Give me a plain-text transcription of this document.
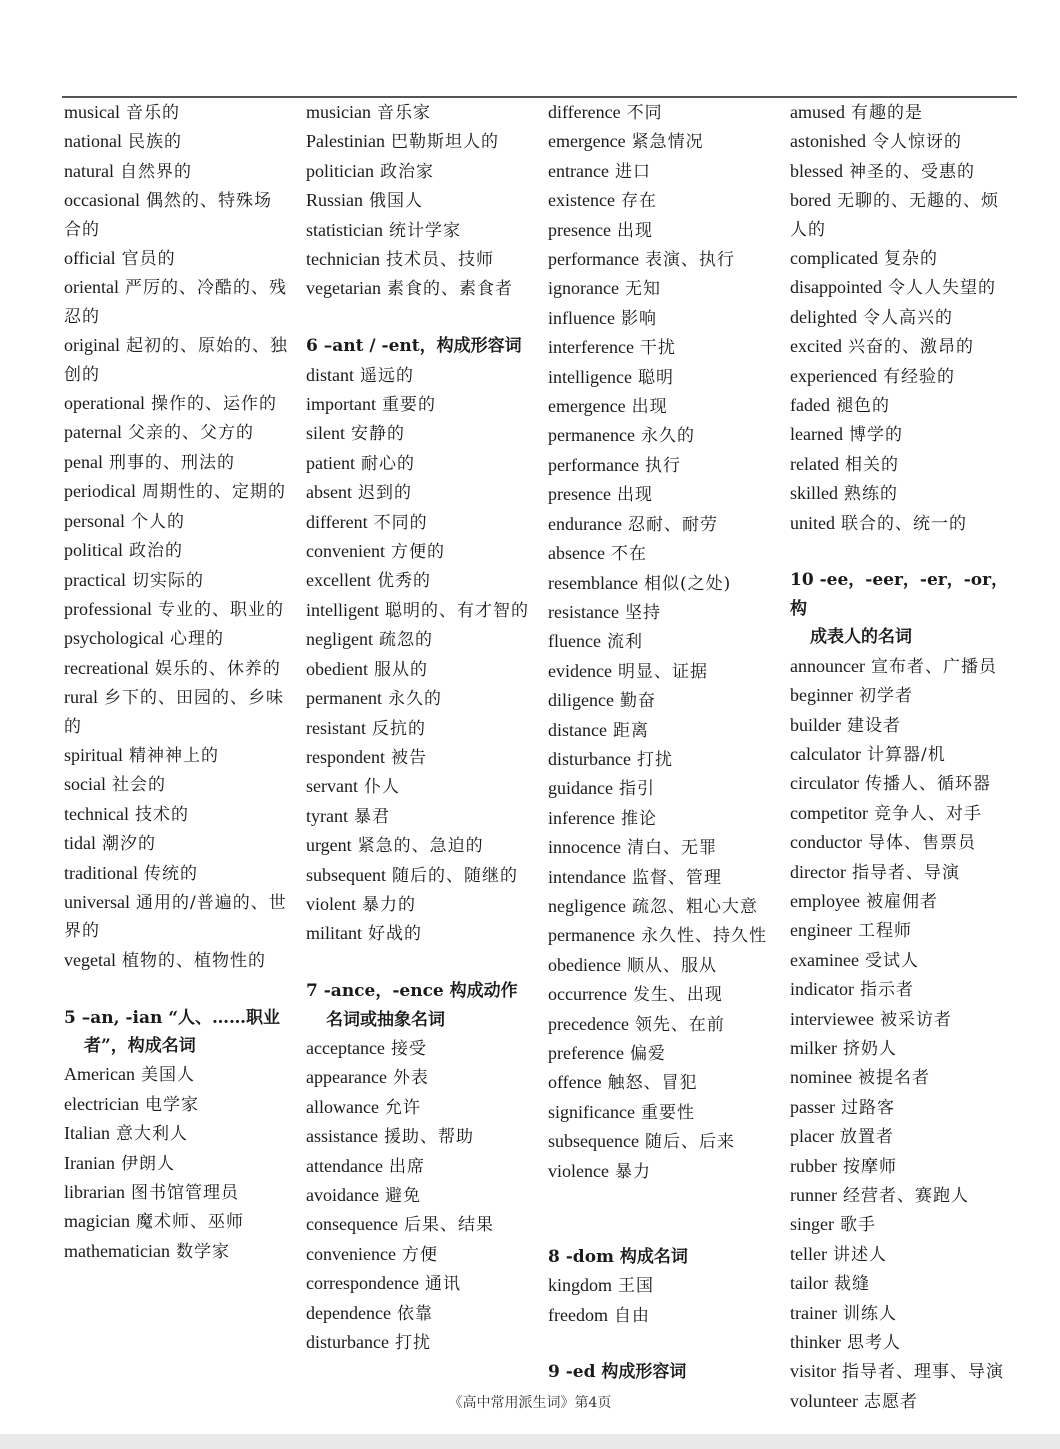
musical 音乐的
national 民族的
natural 自然界的
occasional 偶然的、特殊场合的
official 官员的
oriental 严厉的、冷酷的、残忍的
original 起初的、原始的、独创的
operational 操作的、运作的
paternal 父亲的、父方的
penal 刑事的、刑法的
periodical 周期性的、定期的
personal 个人的
political 政治的
practical 切实际的
professional 专业的、职业的
psychological 心理的
recreational 娱乐的、休养的
rural 乡下的、田园的、乡味的
spiritual 精神神上的
social 社会的
technical 技术的
tidal 潮汐的
traditional 传统的
universal 通用的/普遍的、世界的
vegetal 植物的、植物性的
5 –an, -ian “人、……职业
者”，构成名词
American 美国人
electrician 电学家
Italian 意大利人
Iranian 伊朗人
librarian 图书馆管理员
magician 魔术师、巫师
mathematician 数学家
musician 音乐家
Palestinian 巴勒斯坦人的
politician 政治家
Russian 俄国人
statistician 统计学家
technician 技术员、技师
vegetarian 素食的、素食者
6 –ant / -ent，构成形容词
distant 遥远的
important 重要的
silent 安静的
patient 耐心的
absent 迟到的
different 不同的
convenient 方便的
excellent 优秀的
intelligent 聪明的、有才智的
negligent 疏忽的
obedient 服从的
permanent 永久的
resistant 反抗的
respondent 被告
servant 仆人
tyrant 暴君
urgent 紧急的、急迫的
subsequent 随后的、随继的
violent 暴力的
militant 好战的
7 -ance，-ence 构成动作
名词或抽象名词
acceptance 接受
appearance 外表
allowance 允许
assistance 援助、帮助
attendance 出席
avoidance 避免
consequence 后果、结果
convenience 方便
correspondence 通讯
dependence 依靠
disturbance 打扰
difference 不同
emergence 紧急情况
entrance 进口
existence 存在
presence 出现
performance 表演、执行
ignorance 无知
influence 影响
interference 干扰
intelligence 聪明
emergence 出现
permanence 永久的
performance 执行
presence 出现
endurance 忍耐、耐劳
absence 不在
resemblance 相似(之处)
resistance 坚持
fluence 流利
evidence 明显、证据
diligence 勤奋
distance 距离
disturbance 打扰
guidance 指引
inference 推论
innocence 清白、无罪
intendance 监督、管理
negligence 疏忽、粗心大意
permanence 永久性、持久性
obedience 顺从、服从
occurrence 发生、出现
precedence 领先、在前
preference 偏爱
offence 触怒、冒犯
significance 重要性
subsequence 随后、后来
violence 暴力
8 -dom 构成名词
kingdom 王国
freedom 自由
9 -ed 构成形容词
amused 有趣的是
astonished 令人惊讶的
blessed 神圣的、受惠的
bored 无聊的、无趣的、烦人的
complicated 复杂的
disappointed 令人人失望的
delighted 令人高兴的
excited 兴奋的、激昂的
experienced 有经验的
faded 褪色的
learned 博学的
related 相关的
skilled 熟练的
united 联合的、统一的
10 -ee，-eer，-er，-or，构
成表人的名词
announcer 宣布者、广播员
beginner 初学者
builder 建设者
calculator 计算器/机
circulator 传播人、循环器
competitor 竞争人、对手
conductor 导体、售票员
director 指导者、导演
employee 被雇佣者
engineer 工程师
examinee 受试人
indicator 指示者
interviewee 被采访者
milker 挤奶人
nominee 被提名者
passer 过路客
placer 放置者
rubber 按摩师
runner 经营者、赛跑人
singer 歌手
teller 讲述人
tailor 裁缝
trainer 训练人
thinker 思考人
visitor 指导者、理事、导演
volunteer 志愿者
《高中常用派生词》第4页
